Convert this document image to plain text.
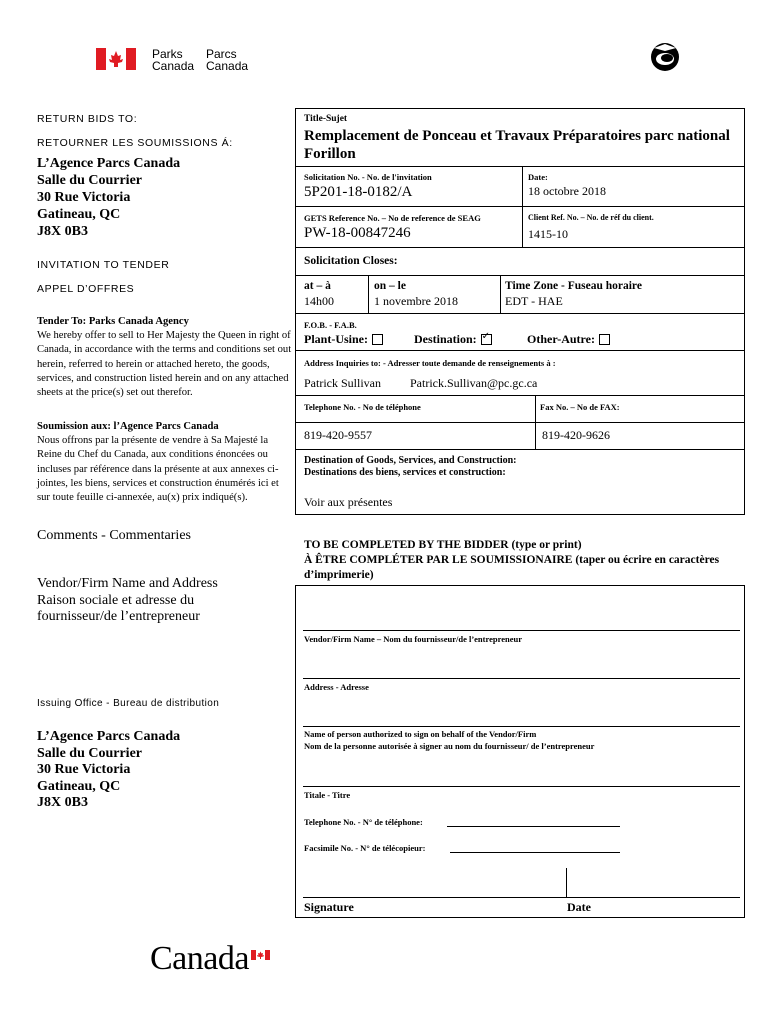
Parks
Canada
Parcs
Canada
RETURN BIDS TO:
RETOURNER LES SOUMISSIONS Á:
L’Agence Parcs Canada
Salle du Courrier
30 Rue Victoria
Gatineau, QC
J8X 0B3
INVITATION TO TENDER
APPEL D’OFFRES
Tender To: Parks Canada Agency
We hereby offer to sell to Her Majesty the Queen in right of Canada, in accordance with the terms and conditions set out herein, referred to herein or attached hereto, the goods, services, and construction listed herein and on any attached sheets at the price(s) set out therefor.
Soumission aux: l’Agence Parcs Canada
Nous offrons par la présente de vendre à Sa Majesté la Reine du Chef du Canada, aux conditions énoncées ou incluses par référence dans la présente at aux annexes ci-jointes, les biens, services et construction énumérés ici et sur toute feuille ci-annexée, au(x) prix indiqué(s).
Comments - Commentaries
Vendor/Firm Name and Address
Raison sociale et adresse du
fournisseur/de l’entrepreneur
Issuing Office - Bureau de distribution
L’Agence Parcs Canada
Salle du Courrier
30 Rue Victoria
Gatineau, QC
J8X 0B3
Title-Sujet
Remplacement de Ponceau et Travaux Préparatoires parc national Forillon
Solicitation No. - No. de l'invitation
5P201-18-0182/A
Date:
18 octobre 2018
GETS Reference No. – No de reference de SEAG
PW-18-00847246
Client Ref. No. – No. de réf du client.
1415-10
Solicitation Closes:
at – à
14h00
on – le
1 novembre 2018
Time Zone - Fuseau horaire
EDT - HAE
F.O.B. - F.A.B.
Plant-Usine:	Destination:✓	Other-Autre:
Address Inquiries to: - Adresser toute demande de renseignements à :
Patrick Sullivan Patrick.Sullivan@pc.gc.ca
Telephone No. - No de téléphone	Fax No. – No de FAX:
819-420-9557	819-420-9626
Destination of Goods, Services, and Construction:
Destinations des biens, services et construction:
Voir aux présentes
TO BE COMPLETED BY THE BIDDER (type or print)
À ÊTRE COMPLÉTER PAR LE SOUMISSIONAIRE (taper ou écrire en caractères d’imprimerie)
Vendor/Firm Name – Nom du fournisseur/de l’entrepreneur
Address - Adresse
Name of person authorized to sign on behalf of the Vendor/Firm
Nom de la personne autorisée à signer au nom du fournisseur/ de l’entrepreneur
Titale - Titre
Telephone No. - N° de téléphone:
Facsimile No. - N° de télécopieur:
Signature	Date
Canada
